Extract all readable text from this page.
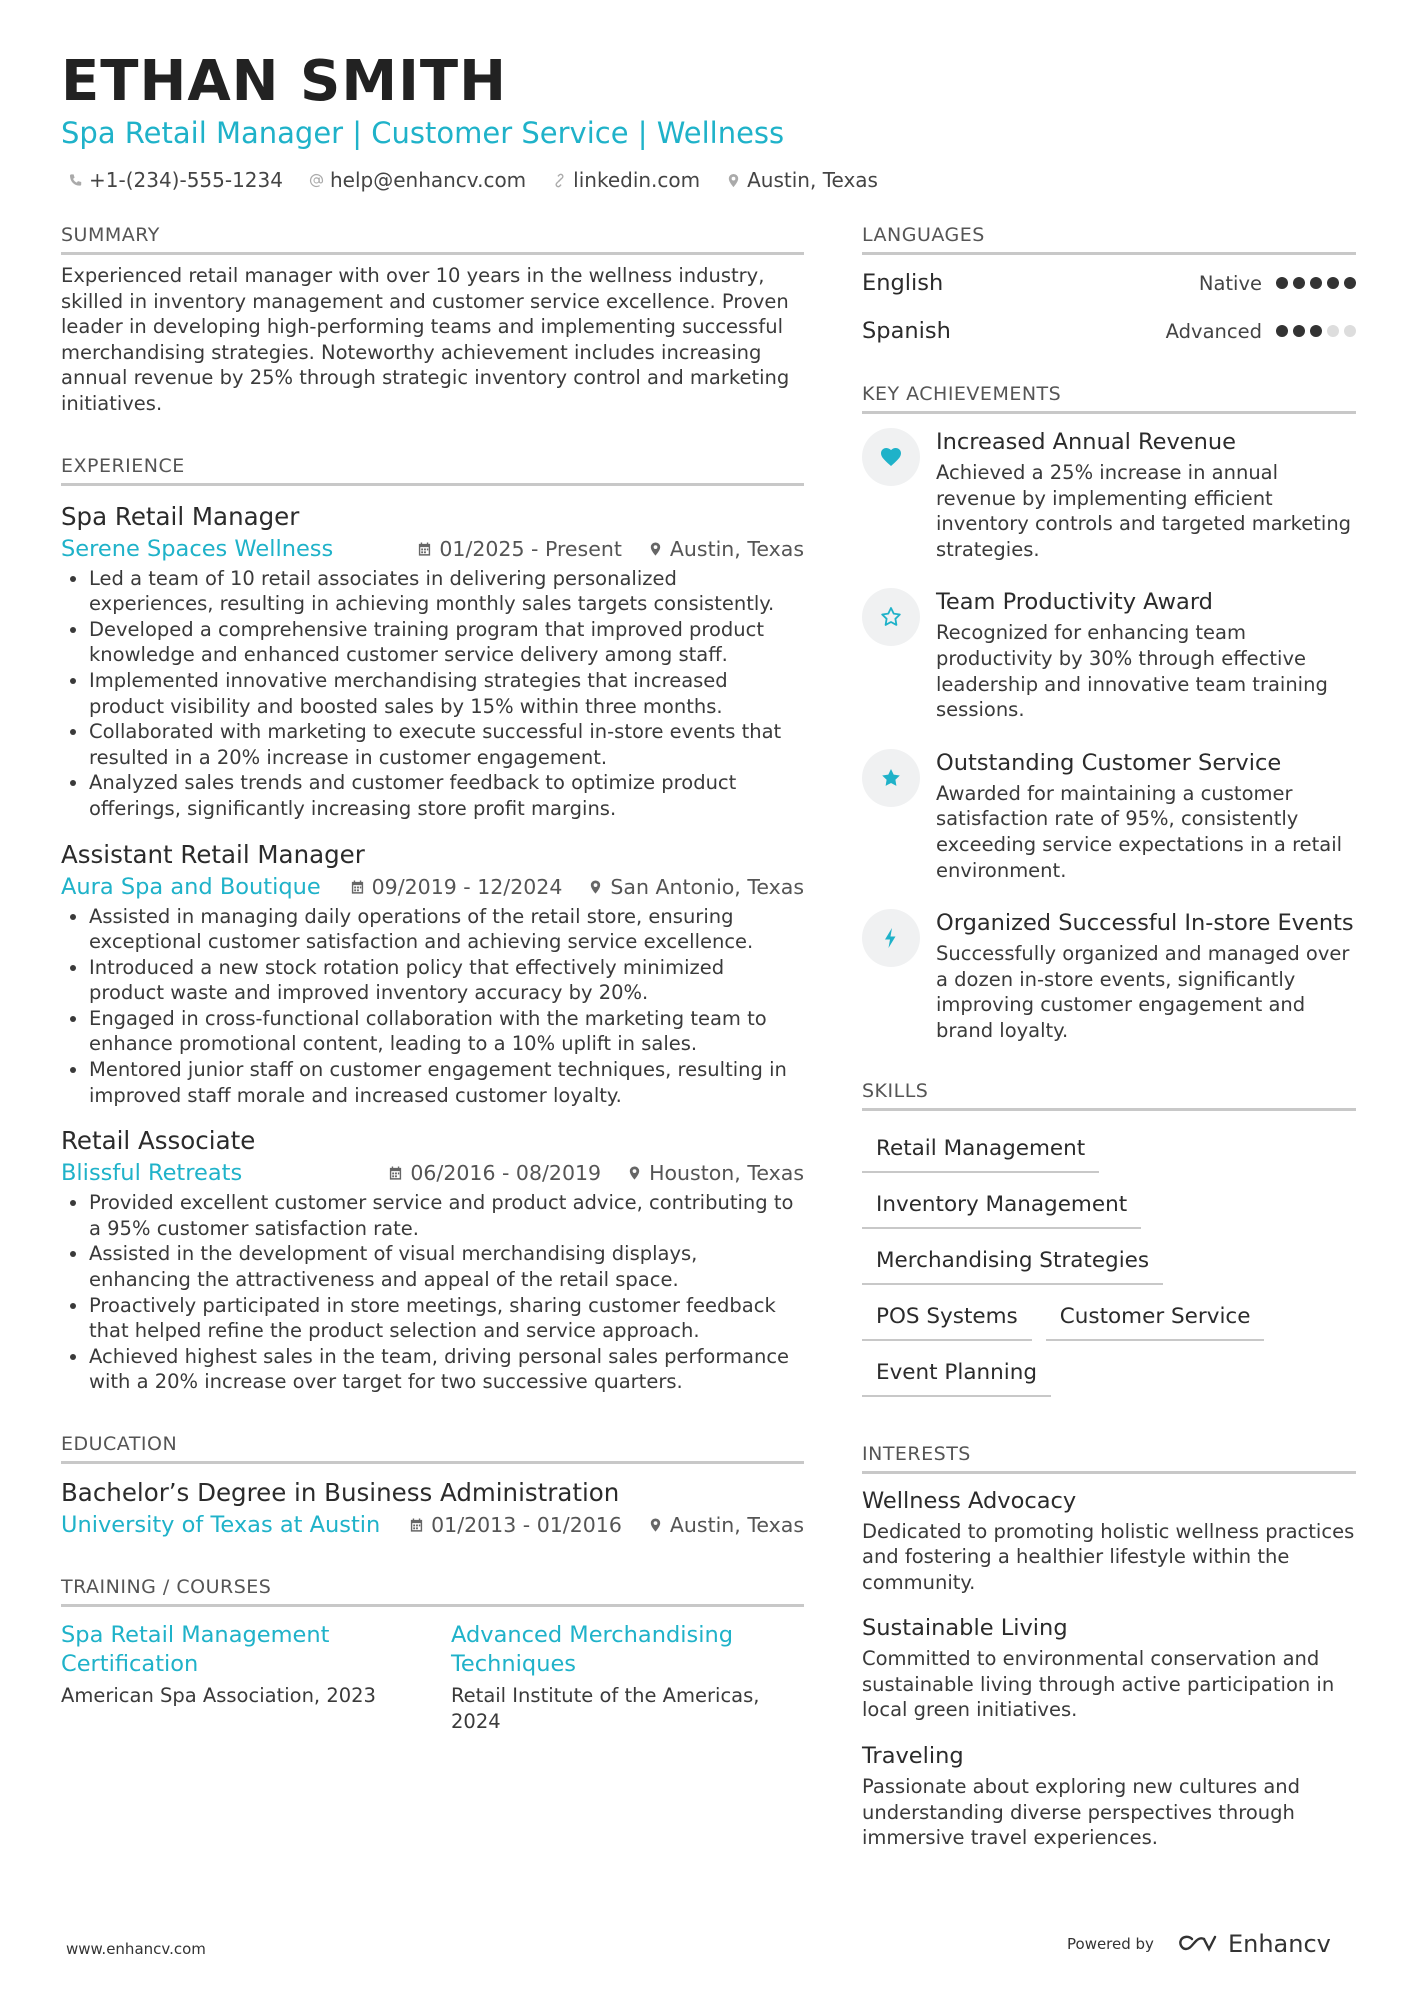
ETHAN SMITH
Spa Retail Manager | Customer Service | Wellness
+1-(234)-555-1234 help@enhancv.com linkedin.com Austin, Texas
SUMMARY
Experienced retail manager with over 10 years in the wellness industry, skilled in inventory management and customer service excellence. Proven leader in developing high-performing teams and implementing successful merchandising strategies. Noteworthy achievement includes increasing annual revenue by 25% through strategic inventory control and marketing initiatives.
EXPERIENCE
Spa Retail Manager
Serene Spaces Wellness	01/2025 - Present Austin, Texas
• Led a team of 10 retail associates in delivering personalized experiences, resulting in achieving monthly sales targets consistently.
• Developed a comprehensive training program that improved product knowledge and enhanced customer service delivery among staff.
• Implemented innovative merchandising strategies that increased product visibility and boosted sales by 15% within three months.
• Collaborated with marketing to execute successful in-store events that resulted in a 20% increase in customer engagement.
• Analyzed sales trends and customer feedback to optimize product offerings, significantly increasing store profit margins.
Assistant Retail Manager
Aura Spa and Boutique 09/2019 - 12/2024 San Antonio, Texas
• Assisted in managing daily operations of the retail store, ensuring exceptional customer satisfaction and achieving service excellence.
• Introduced a new stock rotation policy that effectively minimized product waste and improved inventory accuracy by 20%.
• Engaged in cross-functional collaboration with the marketing team to enhance promotional content, leading to a 10% uplift in sales.
• Mentored junior staff on customer engagement techniques, resulting in improved staff morale and increased customer loyalty.
Retail Associate
Blissful Retreats	06/2016 - 08/2019 Houston, Texas
• Provided excellent customer service and product advice, contributing to a 95% customer satisfaction rate.
• Assisted in the development of visual merchandising displays, enhancing the attractiveness and appeal of the retail space.
• Proactively participated in store meetings, sharing customer feedback that helped refine the product selection and service approach.
• Achieved highest sales in the team, driving personal sales performance with a 20% increase over target for two successive quarters.
EDUCATION
Bachelor’s Degree in Business Administration
University of Texas at Austin 01/2013 - 01/2016 Austin, Texas
TRAINING / COURSES
Spa Retail Management Certification
American Spa Association, 2023
Advanced Merchandising Techniques
Retail Institute of the Americas, 2024
LANGUAGES
English	Native
Spanish	Advanced
KEY ACHIEVEMENTS
Increased Annual Revenue
Achieved a 25% increase in annual revenue by implementing efficient inventory controls and targeted marketing strategies.
Team Productivity Award
Recognized for enhancing team productivity by 30% through effective leadership and innovative team training sessions.
Outstanding Customer Service
Awarded for maintaining a customer satisfaction rate of 95%, consistently exceeding service expectations in a retail environment.
Organized Successful In-store Events
Successfully organized and managed over a dozen in-store events, significantly improving customer engagement and brand loyalty.
SKILLS
Retail Management
Inventory Management
Merchandising Strategies
POS Systems	Customer Service
Event Planning
INTERESTS
Wellness Advocacy
Dedicated to promoting holistic wellness practices and fostering a healthier lifestyle within the community.
Sustainable Living
Committed to environmental conservation and sustainable living through active participation in local green initiatives.
Traveling
Passionate about exploring new cultures and understanding diverse perspectives through immersive travel experiences.
www.enhancv.com	Powered by	Enhancv
